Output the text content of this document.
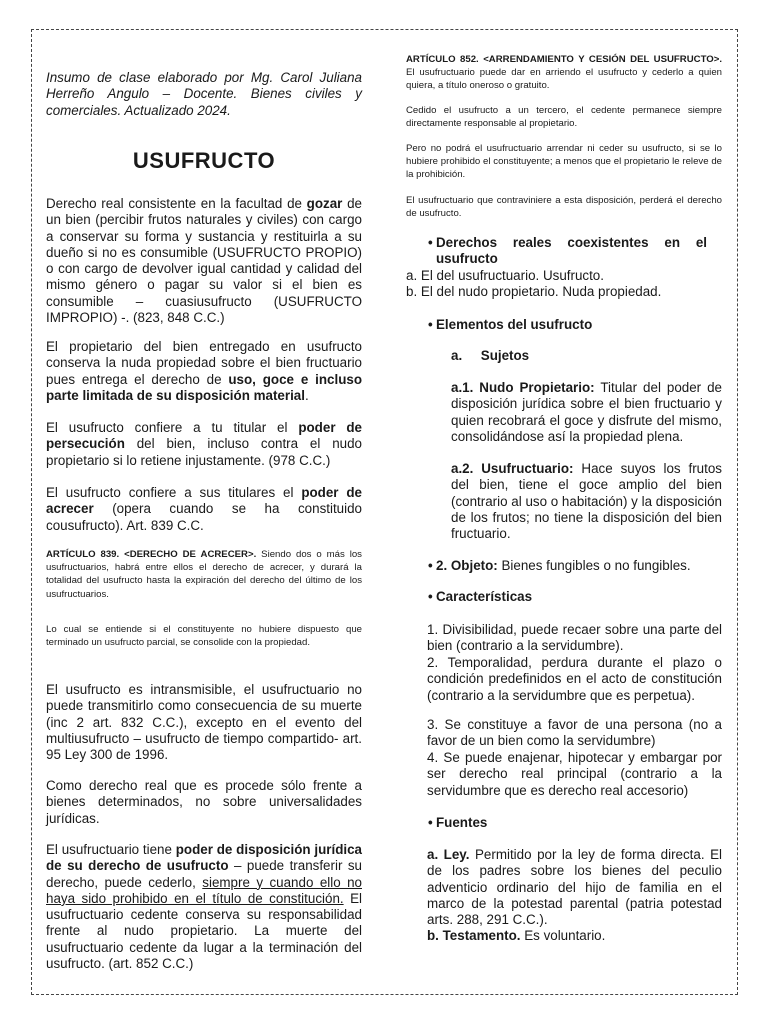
Insumo de clase elaborado por Mg. Carol Juliana Herreño Angulo – Docente. Bienes civiles y comerciales. Actualizado 2024.

USUFRUCTO

Derecho real consistente en la facultad de gozar de un bien (percibir frutos naturales y civiles) con cargo a conservar su forma y sustancia y restituirla a su dueño si no es consumible (USUFRUCTO PROPIO) o con cargo de devolver igual cantidad y calidad del mismo género o pagar su valor si el bien es consumible – cuasiusufructo (USUFRUCTO IMPROPIO) -. (823, 848 C.C.)

El propietario del bien entregado en usufructo conserva la nuda propiedad sobre el bien fructuario pues entrega el derecho de uso, goce e incluso parte limitada de su disposición material.

El usufructo confiere a tu titular el poder de persecución del bien, incluso contra el nudo propietario si lo retiene injustamente. (978 C.C.)

El usufructo confiere a sus titulares el poder de acrecer (opera cuando se ha constituido cousufructo). Art. 839 C.C.

ARTÍCULO 839. <DERECHO DE ACRECER>. Siendo dos o más los usufructuarios, habrá entre ellos el derecho de acrecer, y durará la totalidad del usufructo hasta la expiración del derecho del último de los usufructuarios.

Lo cual se entiende si el constituyente no hubiere dispuesto que terminado un usufructo parcial, se consolide con la propiedad.

El usufructo es intransmisible, el usufructuario no puede transmitirlo como consecuencia de su muerte (inc 2 art. 832 C.C.), excepto en el evento del multiusufructo – usufructo de tiempo compartido- art. 95 Ley 300 de 1996.

Como derecho real que es procede sólo frente a bienes determinados, no sobre universalidades jurídicas.

El usufructuario tiene poder de disposición jurídica de su derecho de usufructo – puede transferir su derecho, puede cederlo, siempre y cuando ello no haya sido prohibido en el título de constitución. El usufructuario cedente conserva su responsabilidad frente al nudo propietario. La muerte del usufructuario cedente da lugar a la terminación del usufructo. (art. 852 C.C.)

ARTÍCULO 852. <ARRENDAMIENTO Y CESIÓN DEL USUFRUCTO>. El usufructuario puede dar en arriendo el usufructo y cederlo a quien quiera, a título oneroso o gratuito.

Cedido el usufructo a un tercero, el cedente permanece siempre directamente responsable al propietario.

Pero no podrá el usufructuario arrendar ni ceder su usufructo, si se lo hubiere prohibido el constituyente; a menos que el propietario le releve de la prohibición.

El usufructuario que contraviniere a esta disposición, perderá el derecho de usufructo.

• Derechos reales coexistentes en el usufructo

a. El del usufructuario. Usufructo.

b. El del nudo propietario. Nuda propiedad.

• Elementos del usufructo

a.     Sujetos

a.1. Nudo Propietario: Titular del poder de disposición jurídica sobre el bien fructuario y quien recobrará el goce y disfrute del mismo, consolidándose así la propiedad plena.

a.2. Usufructuario: Hace suyos los frutos del bien, tiene el goce amplio del bien (contrario al uso o habitación) y la disposición de los frutos; no tiene la disposición del bien fructuario.

• 2. Objeto: Bienes fungibles o no fungibles.
• Características

1. Divisibilidad, puede recaer sobre una parte del bien (contrario a la servidumbre).

2. Temporalidad, perdura durante el plazo o condición predefinidos en el acto de constitución (contrario a la servidumbre que es perpetua).

3. Se constituye a favor de una persona (no a favor de un bien como la servidumbre)

4. Se puede enajenar, hipotecar y embargar por ser derecho real principal (contrario a la servidumbre que es derecho real accesorio)

• Fuentes

a. Ley. Permitido por la ley de forma directa. El de los padres sobre los bienes del peculio adventicio ordinario del hijo de familia en el marco de la potestad parental (patria potestad arts. 288, 291 C.C.).

b. Testamento. Es voluntario.
